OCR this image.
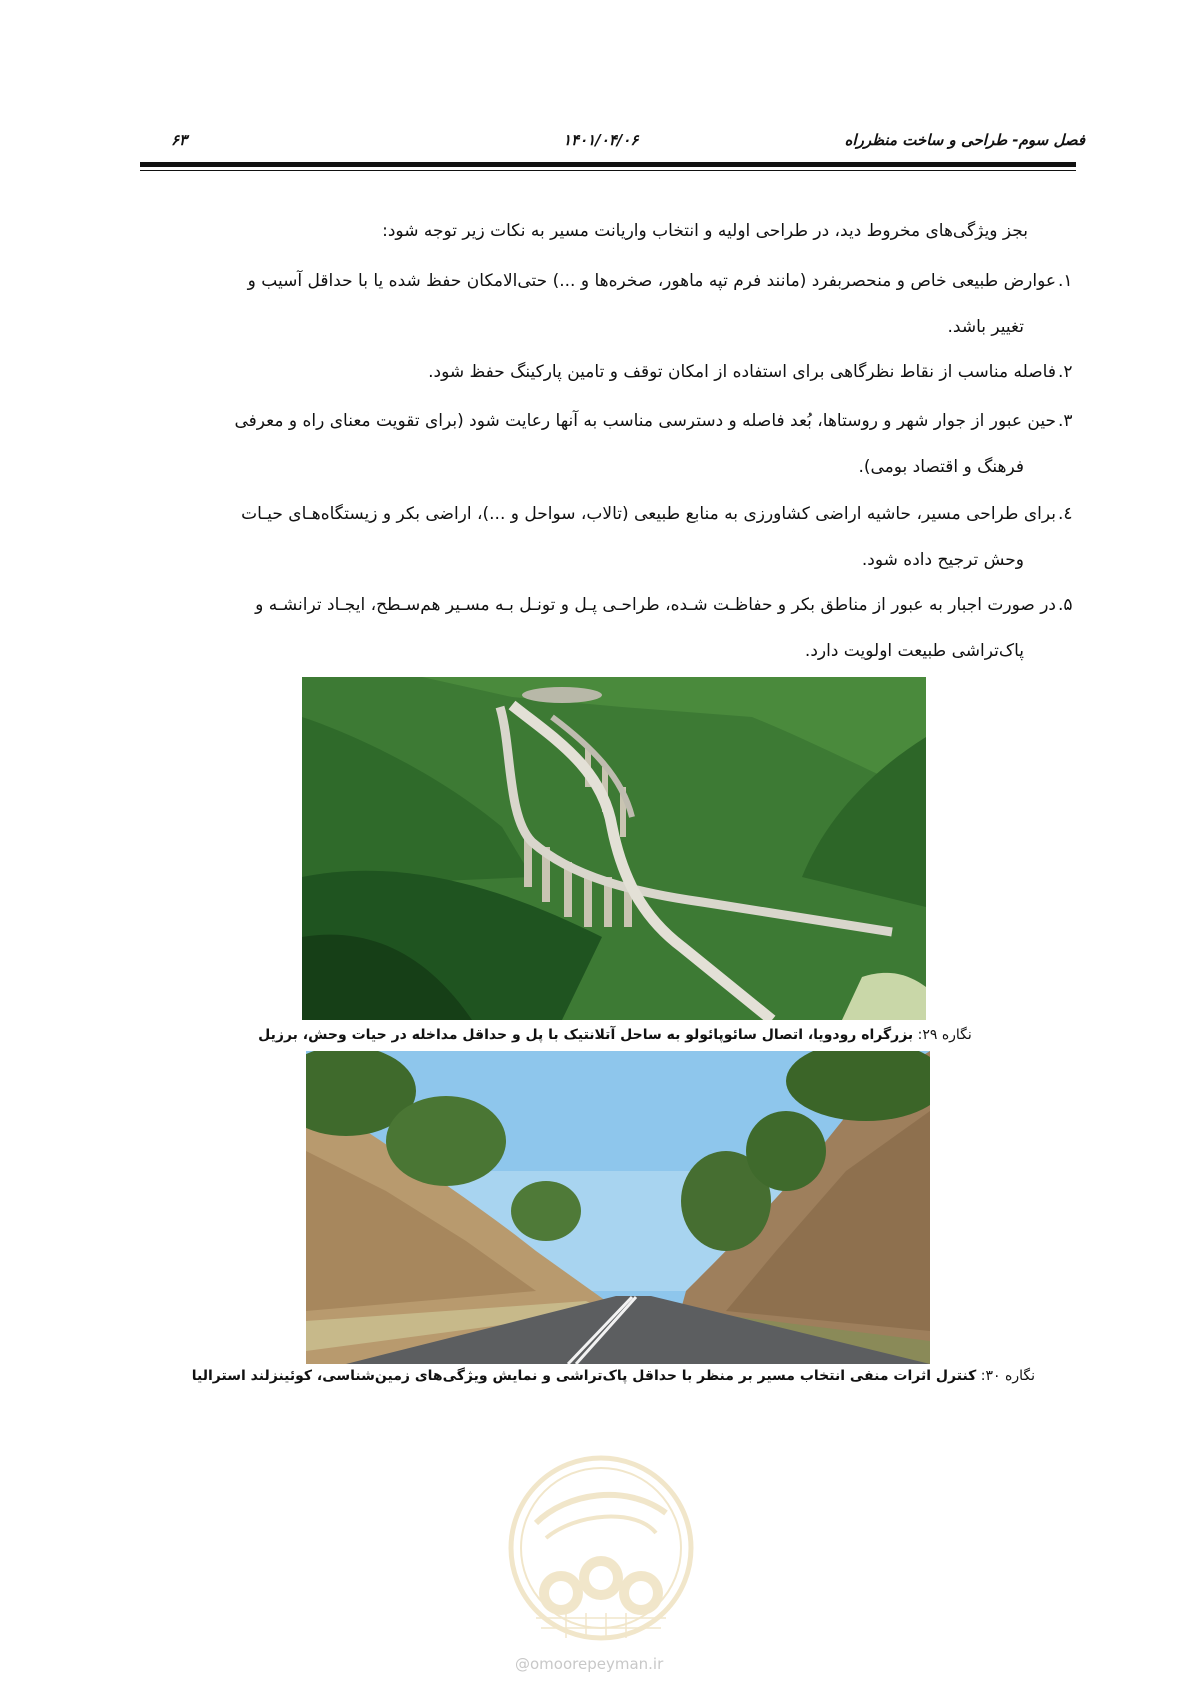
فصل سوم- طراحی و ساخت منظرراه
۱۴۰۱/۰۴/۰۶
۶۳
بجز ویژگی‌های مخروط دید، در طراحی اولیه و انتخاب واریانت مسیر به نکات زیر توجه شود:
۱.
عوارض طبیعی خاص و منحصربفرد (مانند فرم تپه ماهور، صخره‌ها و ...) حتی‌الامکان حفظ شده یا با حداقل آسیب و
تغییر باشد.
۲.
فاصله مناسب از نقاط نظرگاهی برای استفاده از امکان توقف و تامین پارکینگ حفظ شود.
۳.
حین عبور از جوار شهر و روستاها، بُعد فاصله و دسترسی مناسب به آنها رعایت شود (برای تقویت معنای راه و معرفی
فرهنگ و اقتصاد بومی).
٤.
برای طراحی مسیر، حاشیه اراضی کشاورزی به منابع طبیعی (تالاب، سواحل و ...)، اراضی بکر و زیستگاه‌هـای حیـات
وحش ترجیح داده شود.
۵.
در صورت اجبار به عبور از مناطق بکر و حفاظـت شـده، طراحـی پـل و تونـل بـه مسـیر هم‌سـطح، ایجـاد ترانشـه و
پاک‌تراشی طبیعت اولویت دارد.
نگاره ۲۹: بزرگراه رودویا، اتصال سائوپائولو به ساحل آتلانتیک با پل و حداقل مداخله در حیات وحش، برزیل
نگاره ۳۰: کنترل اثرات منفی انتخاب مسیر بر منظر با حداقل پاک‌تراشی و نمایش ویژگی‌های زمین‌شناسی، کوئینزلند استرالیا
@omoorepeyman.ir
